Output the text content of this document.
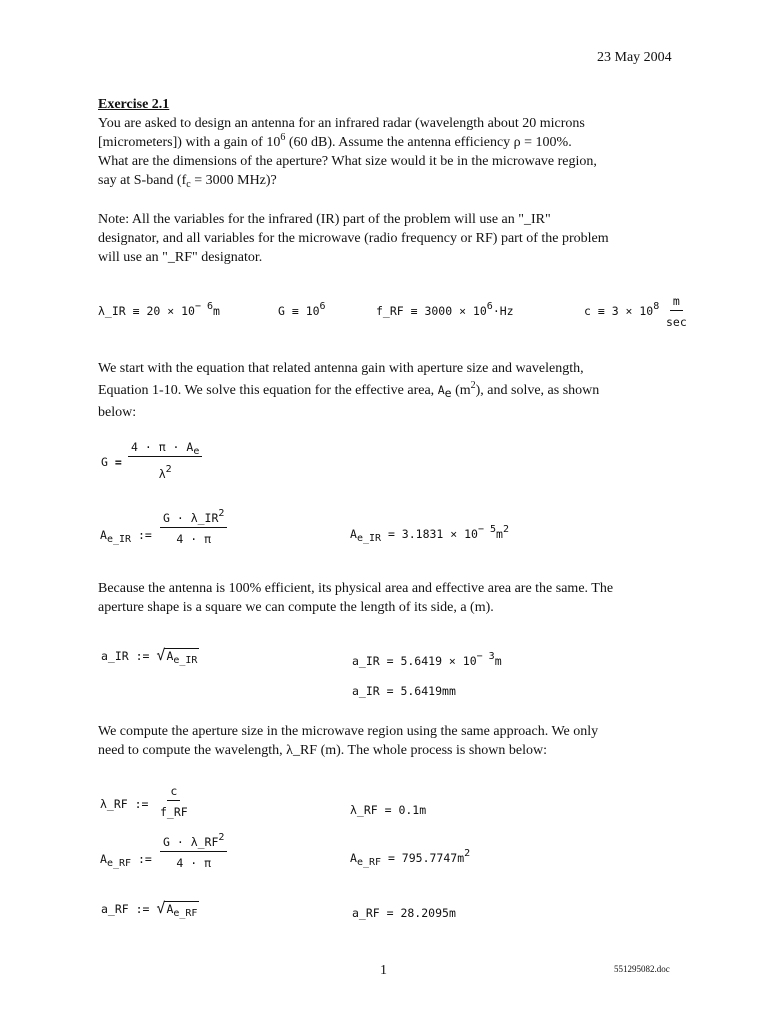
23 May 2004
Exercise 2.1
You are asked to design an antenna for an infrared radar (wavelength about 20 microns
[micrometers]) with a gain of $10^6$ (60 dB). Assume the antenna efficiency ρ = 100%.
What are the dimensions of the aperture? What size would it be in the microwave region,
say at S-band ($f_c = 3000$ MHz)?
Note: All the variables for the infrared (IR) part of the problem will use an "_IR"
designator, and all variables for the microwave (radio frequency or RF) part of the problem
will use an "_RF" designator.
λ_IR ≡ 20 × 10− 6m	G ≡ 106	f_RF ≡ 3000 × 106·Hz	c ≡ 3 × 108 m
sec
We start with the equation that related antenna gain with aperture size and wavelength,
Equation 1-10. We solve this equation for the effective area, $A_e$ $(m^2)$, and solve, as shown
below:
$G = \frac{4 \cdot \pi \cdot Ae}{\lambda 2}$
Ae_IR := $\frac{G \cdot \lambda\_IR2}{4 \cdot \pi}$	Ae_IR = 3.1831 × 10− 5m2
Because the antenna is 100% efficient, its physical area and effective area are the same. The
aperture shape is a square we can compute the length of its side, a (m).
a_IR := √Ae_IR	a_IR = 5.6419 × 10− 3m
a_IR = 5.6419mm
We compute the aperture size in the microwave region using the same approach. We only
need to compute the wavelength, λ_RF (m). The whole process is shown below:
λ_RF := $\frac{c}{f\_RF}$	λ_RF = 0.1m
Ae_RF := $\frac{G \cdot \lambda\_RF2}{4 \cdot \pi}$	Ae_RF = 795.7747m2
a_RF := √Ae_RF	a_RF = 28.2095m
1	551295082.doc
